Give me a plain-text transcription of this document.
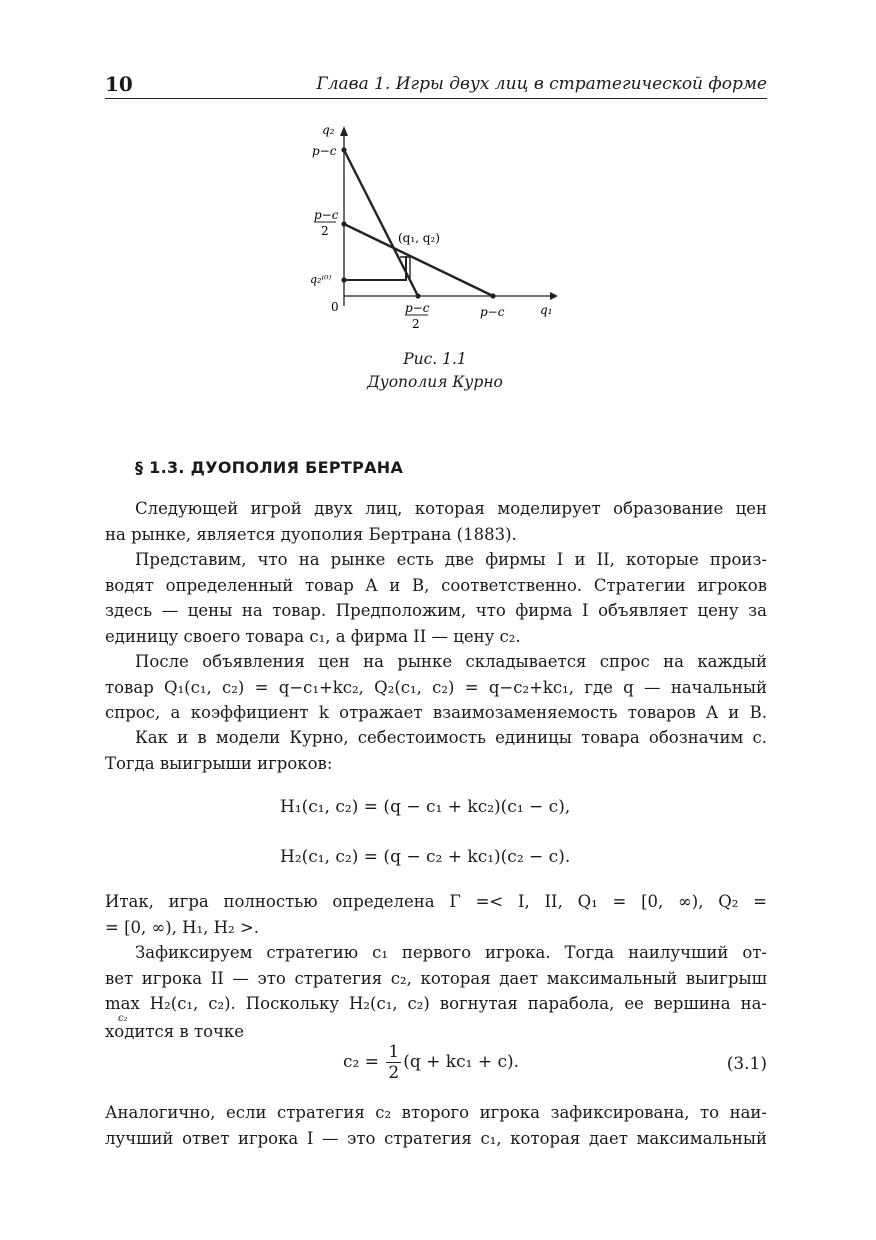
10	Глава 1. Игры двух лиц в стратегической форме
q₂
p−c
p−c
2	(q₁, q₂)
q₂⁽⁰⁾
0	p−c
2
p−c	q₁
Рис. 1.1
Дуополия Курно
§ 1.3. ДУОПОЛИЯ БЕРТРАНА
Следующей игрой двух лиц, которая моделирует образование цен
на рынке, является дуополия Бертрана (1883).
Представим, что на рынке есть две фирмы I и II, которые произ-
водят определенный товар A и B, соответственно. Стратегии игроков
здесь — цены на товар. Предположим, что фирма I объявляет цену за
единицу своего товара c₁, а фирма II — цену c₂.
После объявления цен на рынке складывается спрос на каждый
товар Q₁(c₁, c₂) = q−c₁+kc₂, Q₂(c₁, c₂) = q−c₂+kc₁, где q — начальный
спрос, а коэффициент k отражает взаимозаменяемость товаров A и B.
Как и в модели Курно, себестоимость единицы товара обозначим c.
Тогда выигрыши игроков:
H₁(c₁, c₂) = (q − c₁ + kc₂)(c₁ − c),
H₂(c₁, c₂) = (q − c₂ + kc₁)(c₂ − c).
Итак, игра полностью определена Γ =< I, II, Q₁ = [0, ∞), Q₂ =
= [0, ∞), H₁, H₂ >.
Зафиксируем стратегию c₁ первого игрока. Тогда наилучший от-
вет игрока II — это стратегия c₂, которая дает максимальный выигрыш
max H₂(c₁, c₂). Поскольку H₂(c₁, c₂) вогнутая парабола, ее вершина на-
ходится в точке
c₂
$c_2 = \frac{1}{2} (q + kc_1 + c)$.	(3.1)
Аналогично, если стратегия c₂ второго игрока зафиксирована, то наи-
лучший ответ игрока I — это стратегия c₁, которая дает максимальный
